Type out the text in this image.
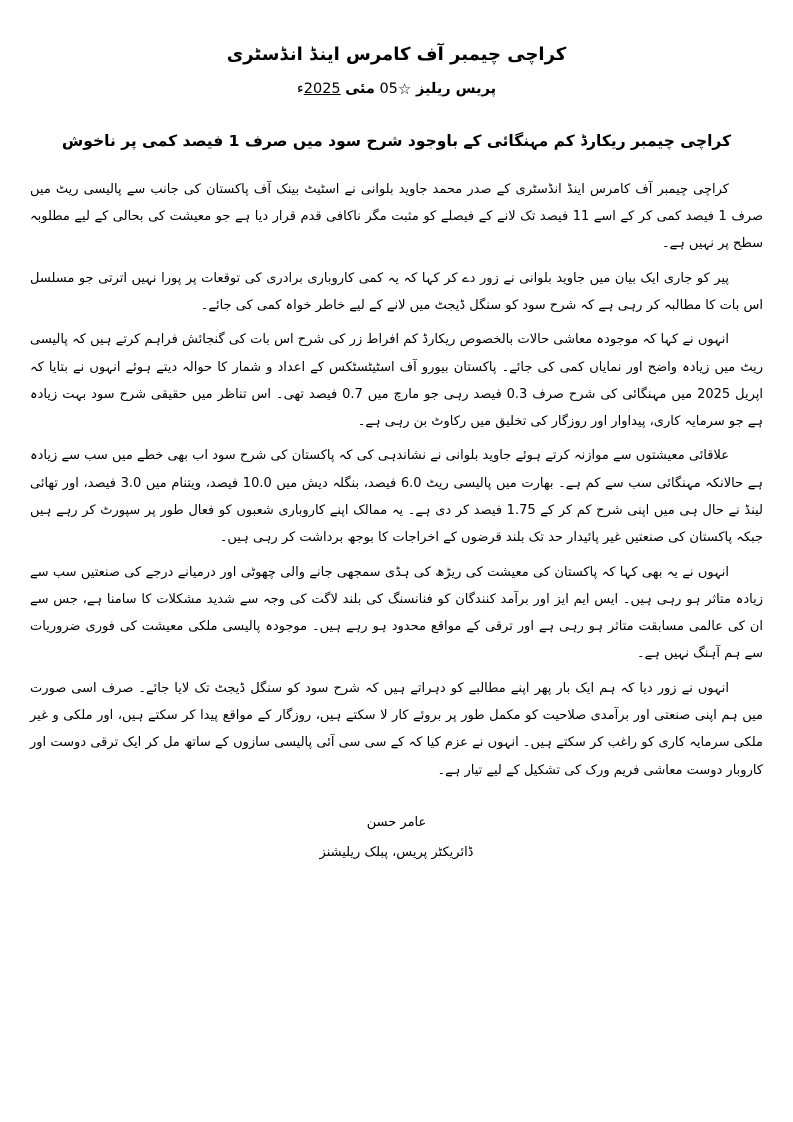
کراچی چیمبر آف کامرس اینڈ انڈسٹری
پریس ریلیز ☆05 مئی 2025ء
کراچی چیمبر ریکارڈ کم مہنگائی کے باوجود شرح سود میں صرف 1 فیصد کمی پر ناخوش

کراچی چیمبر آف کامرس اینڈ انڈسٹری کے صدر محمد جاوید بلوانی نے اسٹیٹ بینک آف پاکستان کی جانب سے پالیسی ریٹ میں صرف 1 فیصد کمی کر کے اسے 11 فیصد تک لانے کے فیصلے کو مثبت مگر ناکافی قدم قرار دیا ہے جو معیشت کی بحالی کے لیے مطلوبہ سطح پر نہیں ہے۔

پیر کو جاری ایک بیان میں جاوید بلوانی نے زور دے کر کہا کہ یہ کمی کاروباری برادری کی توقعات پر پورا نہیں اترتی جو مسلسل اس بات کا مطالبہ کر رہی ہے کہ شرح سود کو سنگل ڈیجٹ میں لانے کے لیے خاطر خواہ کمی کی جائے۔

انہوں نے کہا کہ موجودہ معاشی حالات بالخصوص ریکارڈ کم افراط زر کی شرح اس بات کی گنجائش فراہم کرتے ہیں کہ پالیسی ریٹ میں زیادہ واضح اور نمایاں کمی کی جائے۔ پاکستان بیورو آف اسٹیٹسٹکس کے اعداد و شمار کا حوالہ دیتے ہوئے انہوں نے بتایا کہ اپریل 2025 میں مہنگائی کی شرح صرف 0.3 فیصد رہی جو مارچ میں 0.7 فیصد تھی۔ اس تناظر میں حقیقی شرح سود بہت زیادہ ہے جو سرمایہ کاری، پیداوار اور روزگار کی تخلیق میں رکاوٹ بن رہی ہے۔

علاقائی معیشتوں سے موازنہ کرتے ہوئے جاوید بلوانی نے نشاندہی کی کہ پاکستان کی شرح سود اب بھی خطے میں سب سے زیادہ ہے حالانکہ مہنگائی سب سے کم ہے۔ بھارت میں پالیسی ریٹ 6.0 فیصد، بنگلہ دیش میں 10.0 فیصد، ویتنام میں 3.0 فیصد، اور تھائی لینڈ نے حال ہی میں اپنی شرح کم کر کے 1.75 فیصد کر دی ہے۔ یہ ممالک اپنے کاروباری شعبوں کو فعال طور پر سپورٹ کر رہے ہیں جبکہ پاکستان کی صنعتیں غیر پائیدار حد تک بلند قرضوں کے اخراجات کا بوجھ برداشت کر رہی ہیں۔

انہوں نے یہ بھی کہا کہ پاکستان کی معیشت کی ریڑھ کی ہڈی سمجھی جانے والی چھوٹی اور درمیانے درجے کی صنعتیں سب سے زیادہ متاثر ہو رہی ہیں۔ ایس ایم ایز اور برآمد کنندگان کو فنانسنگ کی بلند لاگت کی وجہ سے شدید مشکلات کا سامنا ہے، جس سے ان کی عالمی مسابقت متاثر ہو رہی ہے اور ترقی کے مواقع محدود ہو رہے ہیں۔ موجودہ پالیسی ملکی معیشت کی فوری ضروریات سے ہم آہنگ نہیں ہے۔

انہوں نے زور دیا کہ ہم ایک بار پھر اپنے مطالبے کو دہراتے ہیں کہ شرح سود کو سنگل ڈیجٹ تک لایا جائے۔ صرف اسی صورت میں ہم اپنی صنعتی اور برآمدی صلاحیت کو مکمل طور پر بروئے کار لا سکتے ہیں، روزگار کے مواقع پیدا کر سکتے ہیں، اور ملکی و غیر ملکی سرمایہ کاری کو راغب کر سکتے ہیں۔ انہوں نے عزم کیا کہ کے سی سی آئی پالیسی سازوں کے ساتھ مل کر ایک ترقی دوست اور کاروبار دوست معاشی فریم ورک کی تشکیل کے لیے تیار ہے۔

عامر حسن
ڈائریکٹر پریس، پبلک ریلیشنز
